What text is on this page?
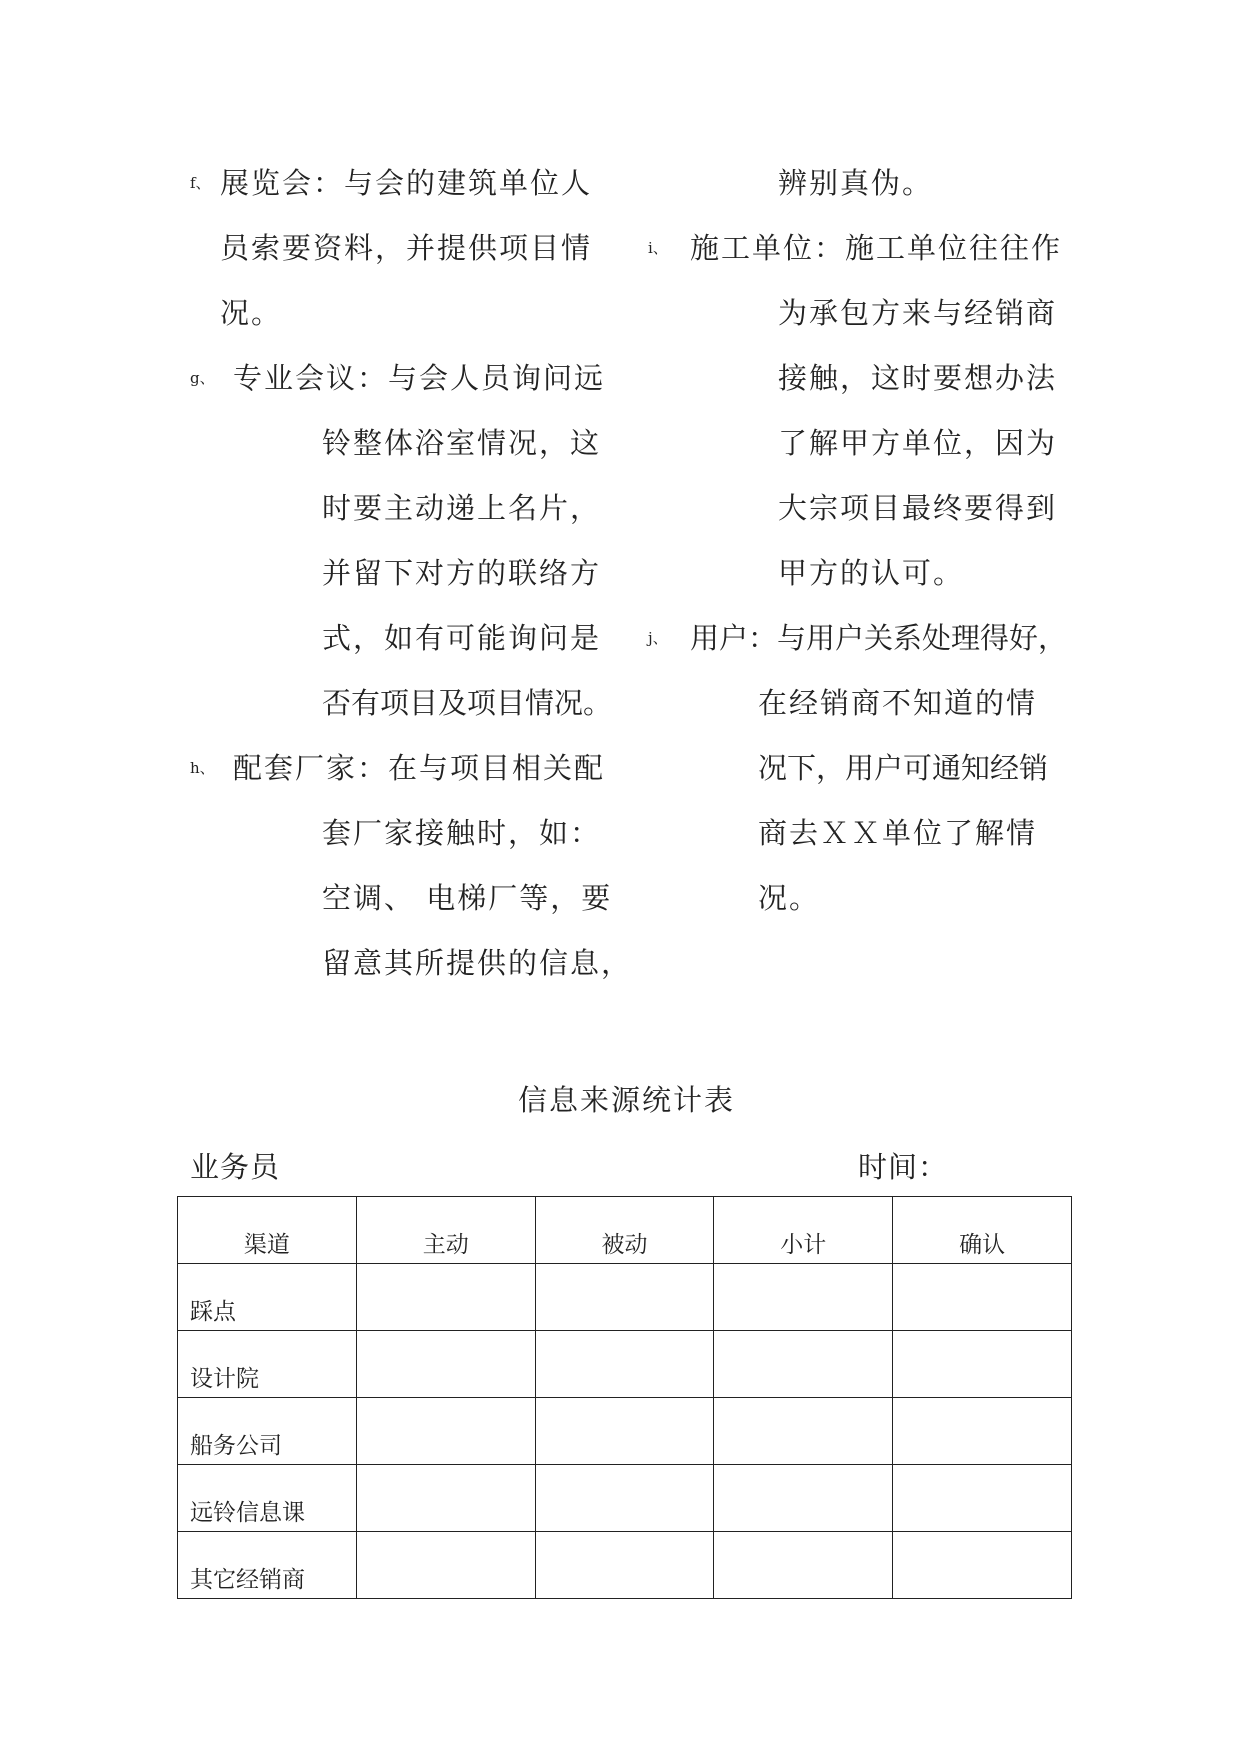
f、 展览会：与会的建筑单位人
员索要资料，并提供项目情
况。
g、 专业会议：与会人员询问远
铃整体浴室情况，这
时要主动递上名片，
并留下对方的联络方
式，如有可能询问是
否有项目及项目情况。
h、 配套厂家：在与项目相关配
套厂家接触时，如：
空调、 电梯厂等，要
留意其所提供的信息，
辨别真伪。
i、 施工单位：施工单位往往作
为承包方来与经销商
接触，这时要想办法
了解甲方单位，因为
大宗项目最终要得到
甲方的认可。
j、 用户：与用户关系处理得好，
在经销商不知道的情
况下，用户可通知经销
商去ＸＸ单位了解情
况。
信息来源统计表
业务员	时间：
渠道	主动	被动	小计	确认
踩点				
设计院				
船务公司				
远铃信息课				
其它经销商				
